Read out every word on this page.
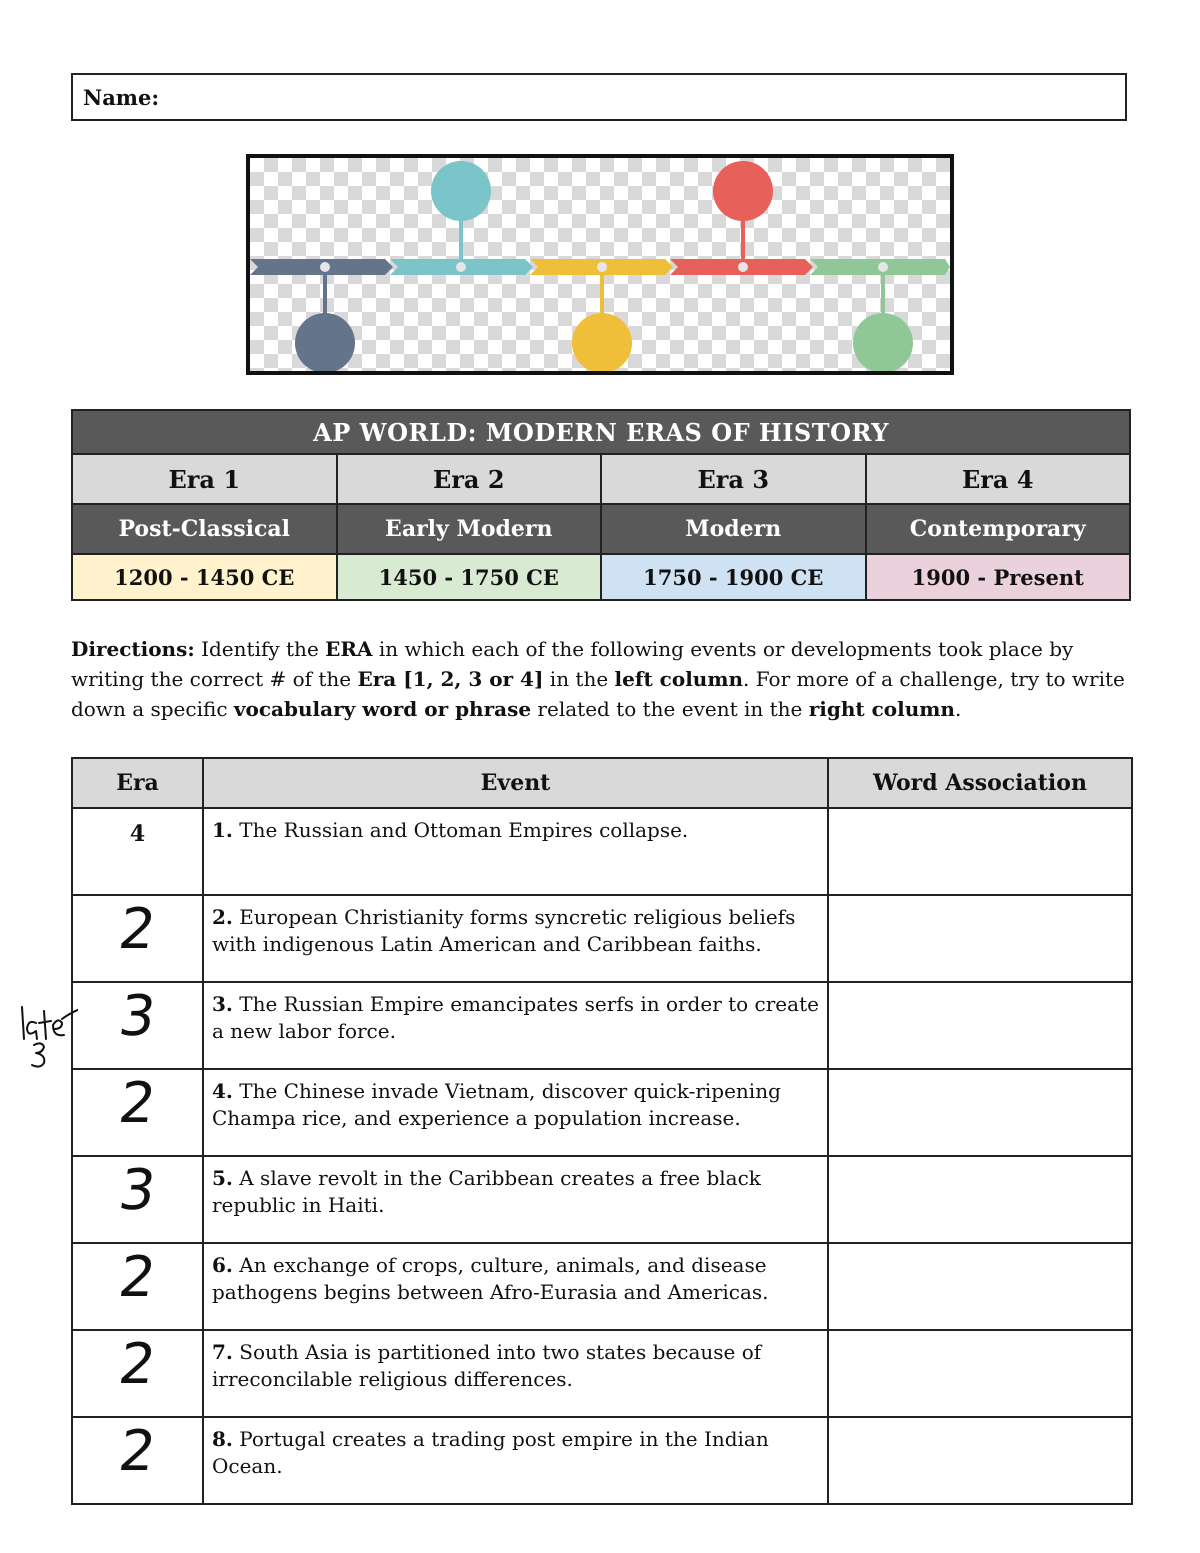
Name:
AP WORLD: MODERN ERAS OF HISTORY			
Era 1	Era 2	Era 3	Era 4
Post-Classical	Early Modern	Modern	Contemporary
1200 - 1450 CE	1450 - 1750 CE	1750 - 1900 CE	1900 - Present
Directions: Identify the ERA in which each of the following events or developments took place by writing the correct # of the Era [1, 2, 3 or 4] in the left column. For more of a challenge, try to write down a specific vocabulary word or phrase related to the event in the right column.
Era	Event	Word Association

4	1. The Russian and Ottoman Empires collapse.	

2	2. European Christianity forms syncretic religious beliefs with indigenous Latin American and Caribbean faiths.	

3	3. The Russian Empire emancipates serfs in order to create a new labor force.	

2	4. The Chinese invade Vietnam, discover quick-ripening Champa rice, and experience a population increase.	

3	5. A slave revolt in the Caribbean creates a free black republic in Haiti.	

2	6. An exchange of crops, culture, animals, and disease pathogens begins between Afro-Eurasia and Americas.	

2	7. South Asia is partitioned into two states because of irreconcilable religious differences.	

2	8. Portugal creates a trading post empire in the Indian Ocean.	
